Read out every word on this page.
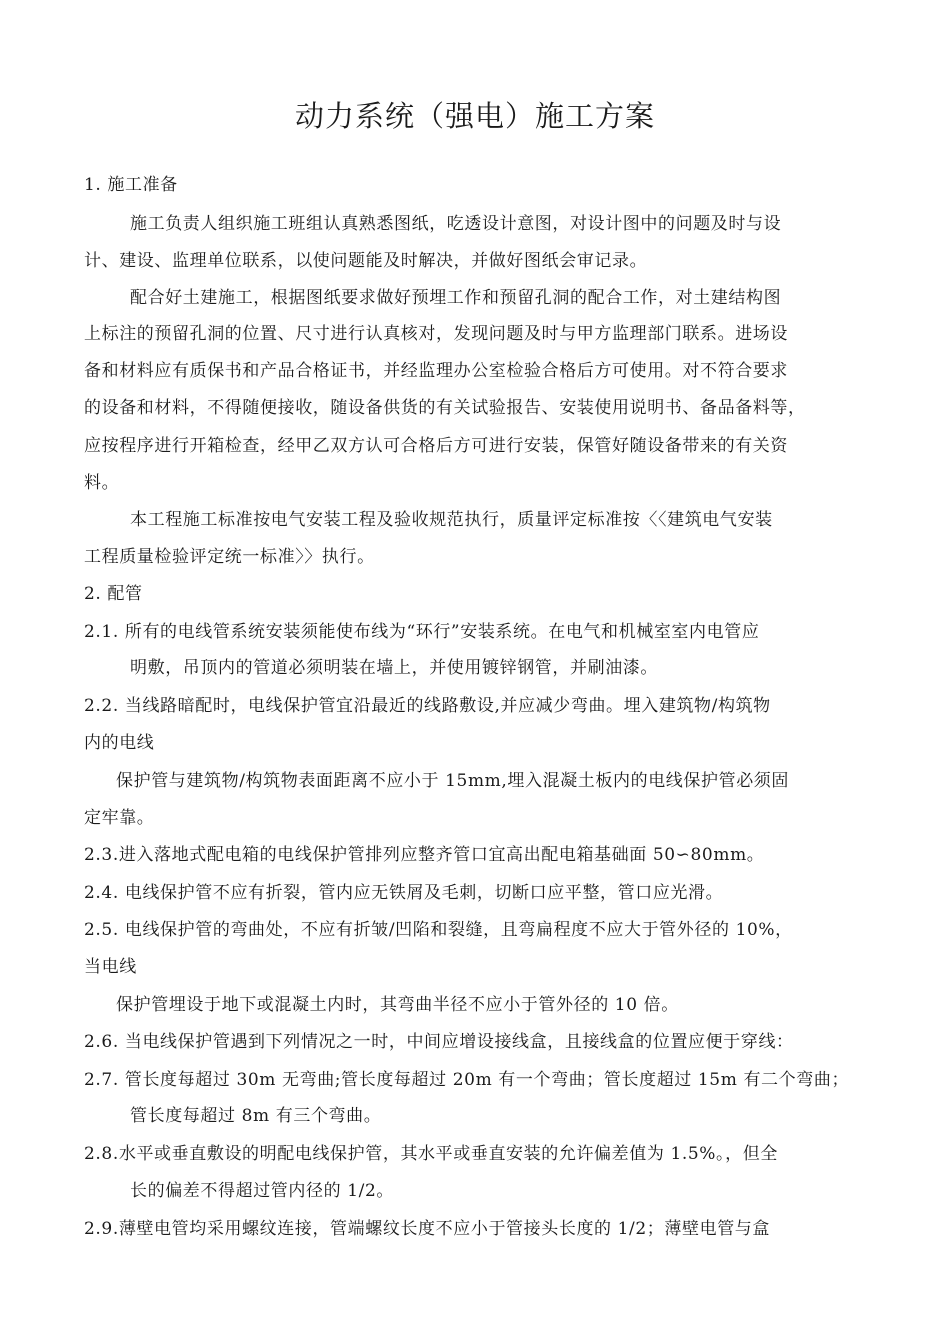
动力系统（强电）施工方案
1. 施工准备
施工负责人组织施工班组认真熟悉图纸，吃透设计意图，对设计图中的问题及时与设
计、建设、监理单位联系，以使问题能及时解决，并做好图纸会审记录。
配合好土建施工，根据图纸要求做好预埋工作和预留孔洞的配合工作，对土建结构图
上标注的预留孔洞的位置、尺寸进行认真核对，发现问题及时与甲方监理部门联系。进场设
备和材料应有质保书和产品合格证书，并经监理办公室检验合格后方可使用。对不符合要求
的设备和材料，不得随便接收，随设备供货的有关试验报告、安装使用说明书、备品备料等，
应按程序进行开箱检查，经甲乙双方认可合格后方可进行安装，保管好随设备带来的有关资
料。
本工程施工标准按电气安装工程及验收规范执行，质量评定标准按〈〈建筑电气安装
工程质量检验评定统一标准〉〉执行。
2. 配管
2.1. 所有的电线管系统安装须能使布线为“环行”安装系统。在电气和机械室室内电管应
明敷，吊顶内的管道必须明装在墙上，并使用镀锌钢管，并刷油漆。
2.2. 当线路暗配时，电线保护管宜沿最近的线路敷设,并应减少弯曲。埋入建筑物/构筑物
内的电线
保护管与建筑物/构筑物表面距离不应小于 15mm,埋入混凝土板内的电线保护管必须固
定牢靠。
2.3.进入落地式配电箱的电线保护管排列应整齐管口宜高出配电箱基础面 50∽80mm。
2.4. 电线保护管不应有折裂，管内应无铁屑及毛刺，切断口应平整，管口应光滑。
2.5. 电线保护管的弯曲处，不应有折皱/凹陷和裂缝，且弯扁程度不应大于管外径的 10%，
当电线
保护管埋设于地下或混凝土内时，其弯曲半径不应小于管外径的 10 倍。
2.6. 当电线保护管遇到下列情况之一时，中间应增设接线盒，且接线盒的位置应便于穿线：
2.7. 管长度每超过 30m 无弯曲;管长度每超过 20m 有一个弯曲；管长度超过 15m 有二个弯曲；
管长度每超过 8m 有三个弯曲。
2.8.水平或垂直敷设的明配电线保护管，其水平或垂直安装的允许偏差值为 1.5%。，但全
长的偏差不得超过管内径的 1/2。
2.9.薄壁电管均采用螺纹连接，管端螺纹长度不应小于管接头长度的 1/2；薄壁电管与盒
